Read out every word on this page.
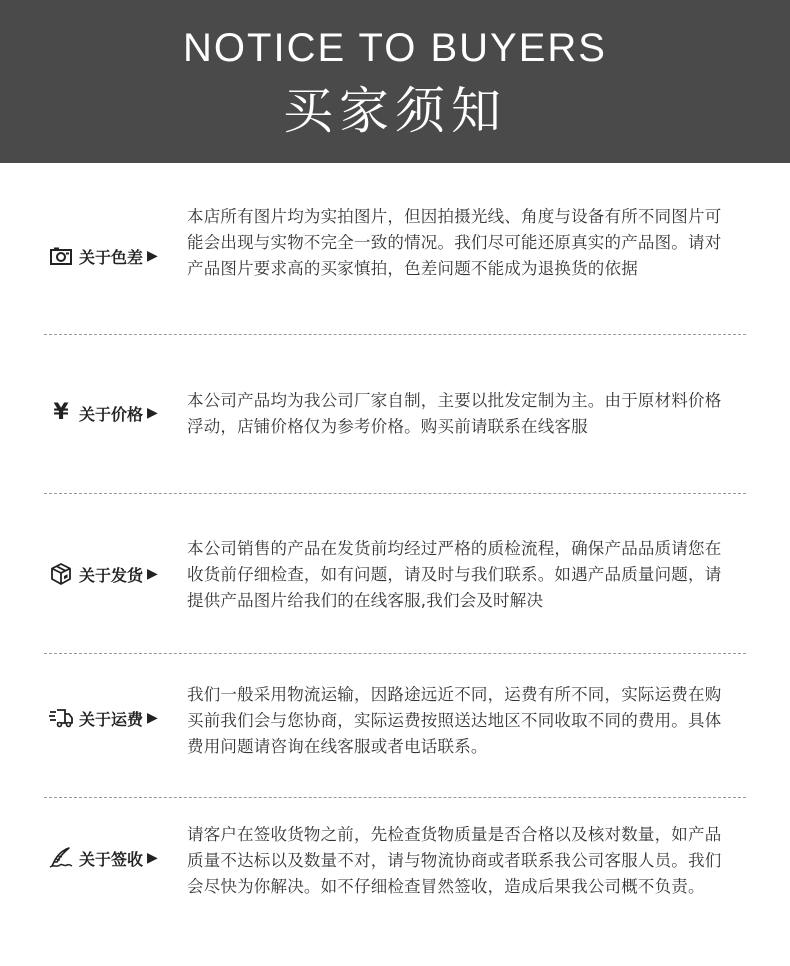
NOTICE TO BUYERS
买家须知
关于色差 ▶
本店所有图片均为实拍图片，但因拍摄光线、角度与设备有所不同图片可能会出现与实物不完全一致的情况。我们尽可能还原真实的产品图。请对产品图片要求高的买家慎拍，色差问题不能成为退换货的依据
¥ 关于价格 ▶
本公司产品均为我公司厂家自制，主要以批发定制为主。由于原材料价格浮动，店铺价格仅为参考价格。购买前请联系在线客服
关于发货 ▶
本公司销售的产品在发货前均经过严格的质检流程，确保产品品质请您在收货前仔细检查，如有问题，请及时与我们联系。如遇产品质量问题，请提供产品图片给我们的在线客服,我们会及时解决
关于运费 ▶
我们一般采用物流运输，因路途远近不同，运费有所不同，实际运费在购买前我们会与您协商，实际运费按照送达地区不同收取不同的费用。具体费用问题请咨询在线客服或者电话联系。
关于签收 ▶
请客户在签收货物之前，先检查货物质量是否合格以及核对数量，如产品质量不达标以及数量不对，请与物流协商或者联系我公司客服人员。我们会尽快为你解决。如不仔细检查冒然签收，造成后果我公司概不负责。
